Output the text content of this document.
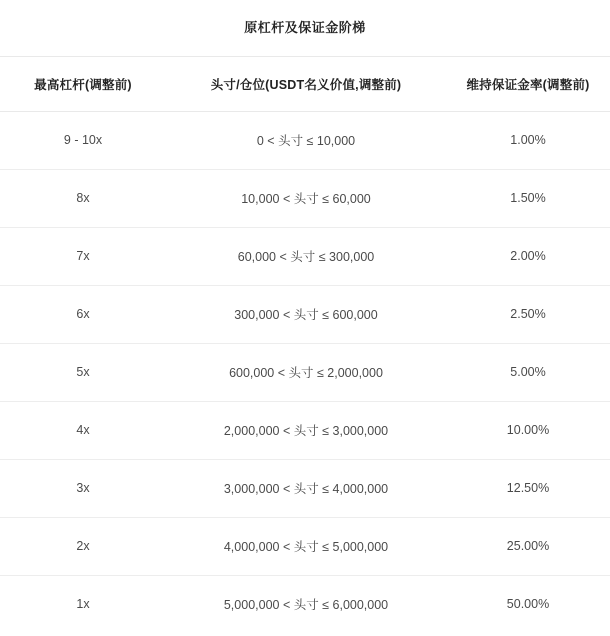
原杠杆及保证金阶梯
最高杠杆(调整前)	头寸/仓位(USDT名义价值,调整前)	维持保证金率(调整前)
9 - 10x	0 < 头寸 ≤ 10,000	1.00%
8x	10,000 < 头寸 ≤ 60,000	1.50%
7x	60,000 < 头寸 ≤ 300,000	2.00%
6x	300,000 < 头寸 ≤ 600,000	2.50%
5x	600,000 < 头寸 ≤ 2,000,000	5.00%
4x	2,000,000 < 头寸 ≤ 3,000,000	10.00%
3x	3,000,000 < 头寸 ≤ 4,000,000	12.50%
2x	4,000,000 < 头寸 ≤ 5,000,000	25.00%
1x	5,000,000 < 头寸 ≤ 6,000,000	50.00%
